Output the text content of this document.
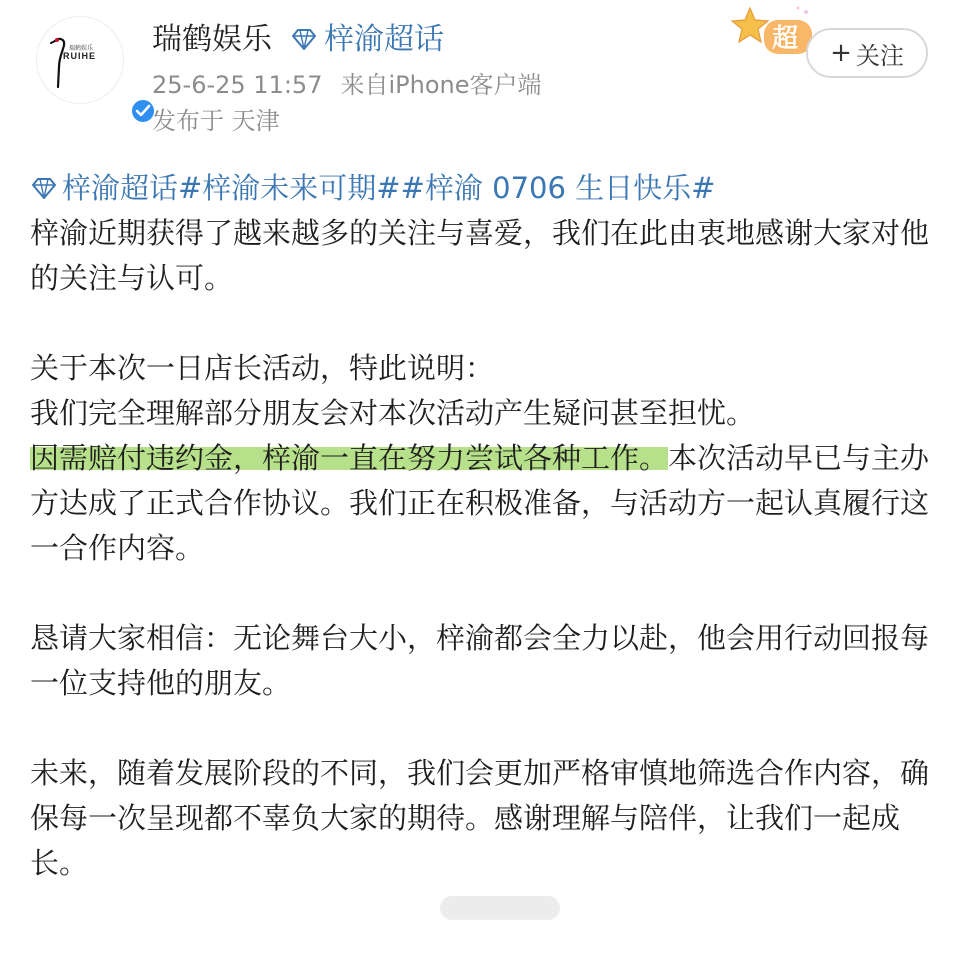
瑞鹤娱乐
RUIHE 瑞鹤娱乐 梓渝超话
25-6-25 11:57 来自iPhone客户端
发布于 天津
超 + 关注

梓渝超话#梓渝未来可期##梓渝 0706 生日快乐#

梓渝近期获得了越来越多的关注与喜爱，我们在此由衷地感谢大家对他的关注与认可。

关于本次一日店长活动，特此说明：

我们完全理解部分朋友会对本次活动产生疑问甚至担忧。

因需赔付违约金，梓渝一直在努力尝试各种工作。本次活动早已与主办方达成了正式合作协议。我们正在积极准备，与活动方一起认真履行这一合作内容。

恳请大家相信：无论舞台大小，梓渝都会全力以赴，他会用行动回报每一位支持他的朋友。

未来，随着发展阶段的不同，我们会更加严格审慎地筛选合作内容，确保每一次呈现都不辜负大家的期待。感谢理解与陪伴，让我们一起成长。
